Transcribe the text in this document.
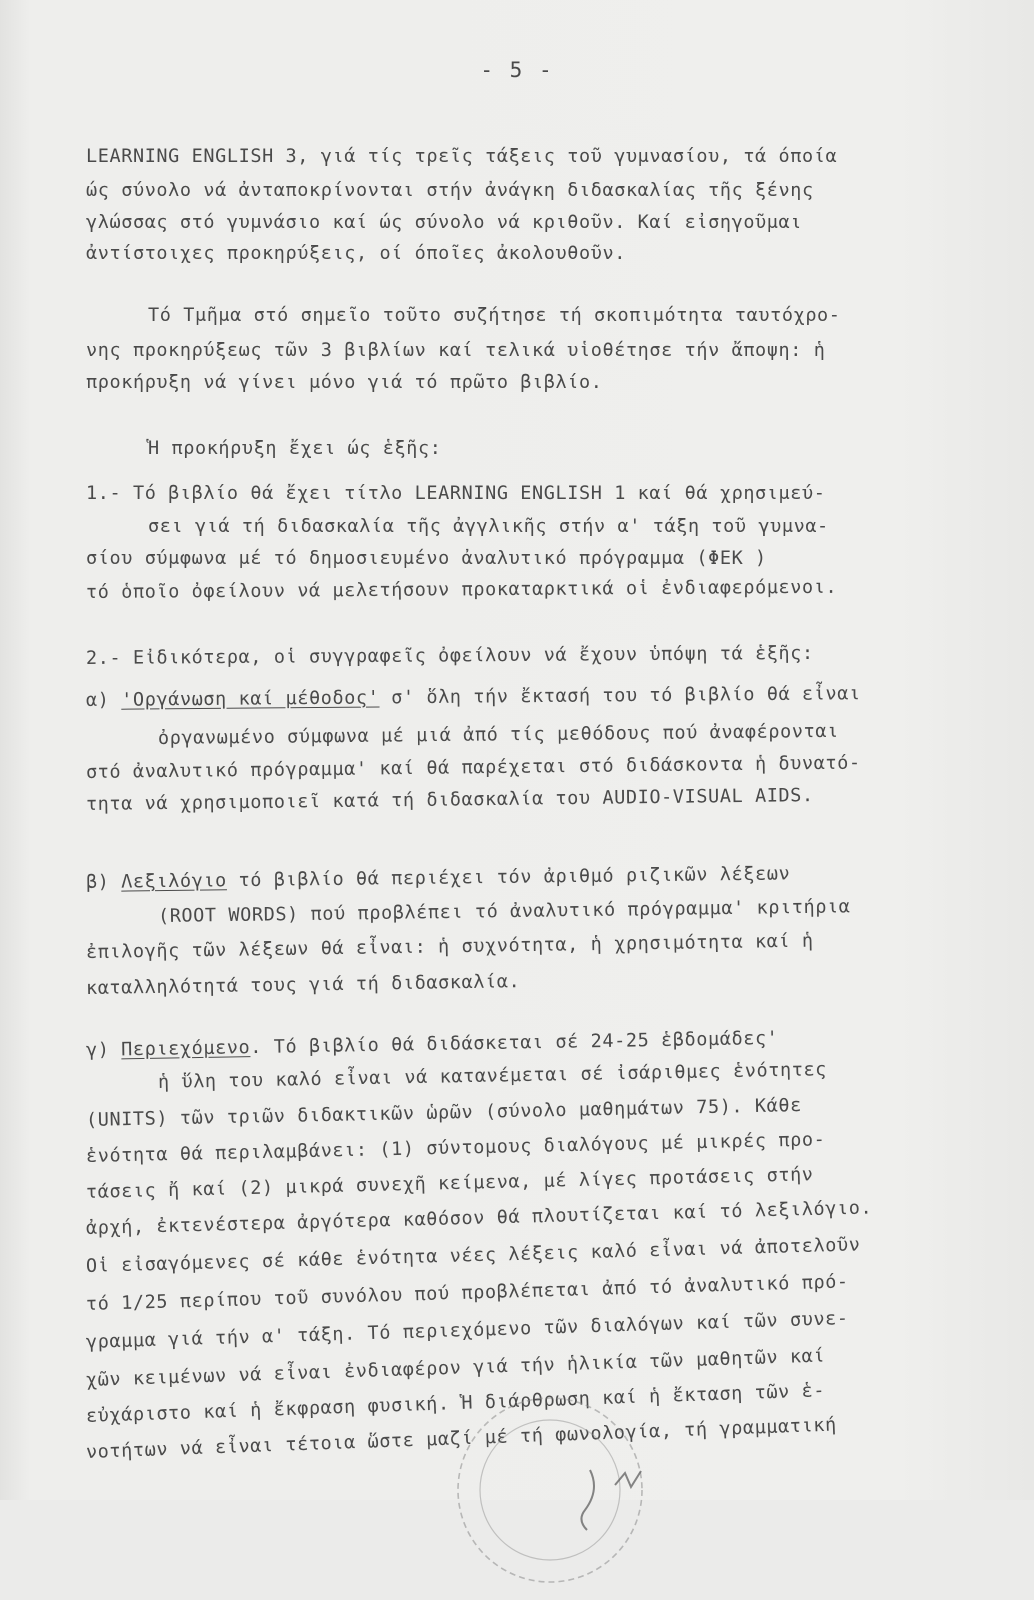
- 5 -
LEARNING ENGLISH 3, γιά τίς τρεῖς τάξεις τοῦ γυμνασίου, τά όποία
ώς σύνολο νά ἀνταποκρίνονται στήν ἀνάγκη διδασκαλίας τῆς ξένης
γλώσσας στό γυμνάσιο καί ώς σύνολο νά κριθοῦν. Καί εἰσηγοῦμαι
ἀντίστοιχες προκηρύξεις, οί όποῖες ἀκολουθοῦν.
Τό Τμῆμα στό σημεῖο τοῦτο συζήτησε τή σκοπιμότητα ταυτόχρο-
νης προκηρύξεως τῶν 3 βιβλίων καί τελικά υἱοθέτησε τήν ἄποψη: ἡ
προκήρυξη νά γίνει μόνο γιά τό πρῶτο βιβλίο.
Ἡ προκήρυξη ἔχει ώς ἑξῆς:
1.- Τό βιβλίο θά ἔχει τίτλο LEARNING ENGLISH 1 καί θά χρησιμεύ-
σει γιά τή διδασκαλία τῆς ἀγγλικῆς στήν α' τάξη τοῦ γυμνα-
σίου σύμφωνα μέ τό δημοσιευμένο ἀναλυτικό πρόγραμμα (ΦΕΚ )
τό ὁποῖο ὀφείλουν νά μελετήσουν προκαταρκτικά οἱ ἐνδιαφερόμενοι.
2.- Εἰδικότερα, οἱ συγγραφεῖς ὀφείλουν νά ἔχουν ὑπόψη τά ἑξῆς:
α) 'Οργάνωση καί μέθοδος' σ' ὅλη τήν ἔκτασή του τό βιβλίο θά εἶναι
ὀργανωμένο σύμφωνα μέ μιά ἀπό τίς μεθόδους πού ἀναφέρονται
στό ἀναλυτικό πρόγραμμα' καί θά παρέχεται στό διδάσκοντα ἡ δυνατό-
τητα νά χρησιμοποιεῖ κατά τή διδασκαλία του AUDIO-VISUAL AIDS.
β) Λεξιλόγιο τό βιβλίο θά περιέχει τόν ἀριθμό ριζικῶν λέξεων
(ROOT WORDS) πού προβλέπει τό ἀναλυτικό πρόγραμμα' κριτήρια
ἐπιλογῆς τῶν λέξεων θά εἶναι: ἡ συχνότητα, ἡ χρησιμότητα καί ἡ
καταλληλότητά τους γιά τή διδασκαλία.
γ) Περιεχόμενο. Τό βιβλίο θά διδάσκεται σέ 24-25 ἑβδομάδες'
ἡ ὕλη του καλό εἶναι νά κατανέμεται σέ ἰσάριθμες ἑνότητες
(UNITS) τῶν τριῶν διδακτικῶν ὡρῶν (σύνολο μαθημάτων 75). Κάθε
ἑνότητα θά περιλαμβάνει: (1) σύντομους διαλόγους μέ μικρές προ-
τάσεις ἤ καί (2) μικρά συνεχῆ κείμενα, μέ λίγες προτάσεις στήν
ἀρχή, ἐκτενέστερα ἀργότερα καθόσον θά πλουτίζεται καί τό λεξιλόγιο.
Οἱ εἰσαγόμενες σέ κάθε ἑνότητα νέες λέξεις καλό εἶναι νά ἀποτελοῦν
τό 1/25 περίπου τοῦ συνόλου πού προβλέπεται ἀπό τό ἀναλυτικό πρό-
γραμμα γιά τήν α' τάξη. Τό περιεχόμενο τῶν διαλόγων καί τῶν συνε-
χῶν κειμένων νά εἶναι ἐνδιαφέρον γιά τήν ἡλικία τῶν μαθητῶν καί
εὐχάριστο καί ἡ ἔκφραση φυσική. Ἡ διάρθρωση καί ἡ ἔκταση τῶν ἑ-
νοτήτων νά εἶναι τέτοια ὥστε μαζί μέ τή φωνολογία, τή γραμματική
